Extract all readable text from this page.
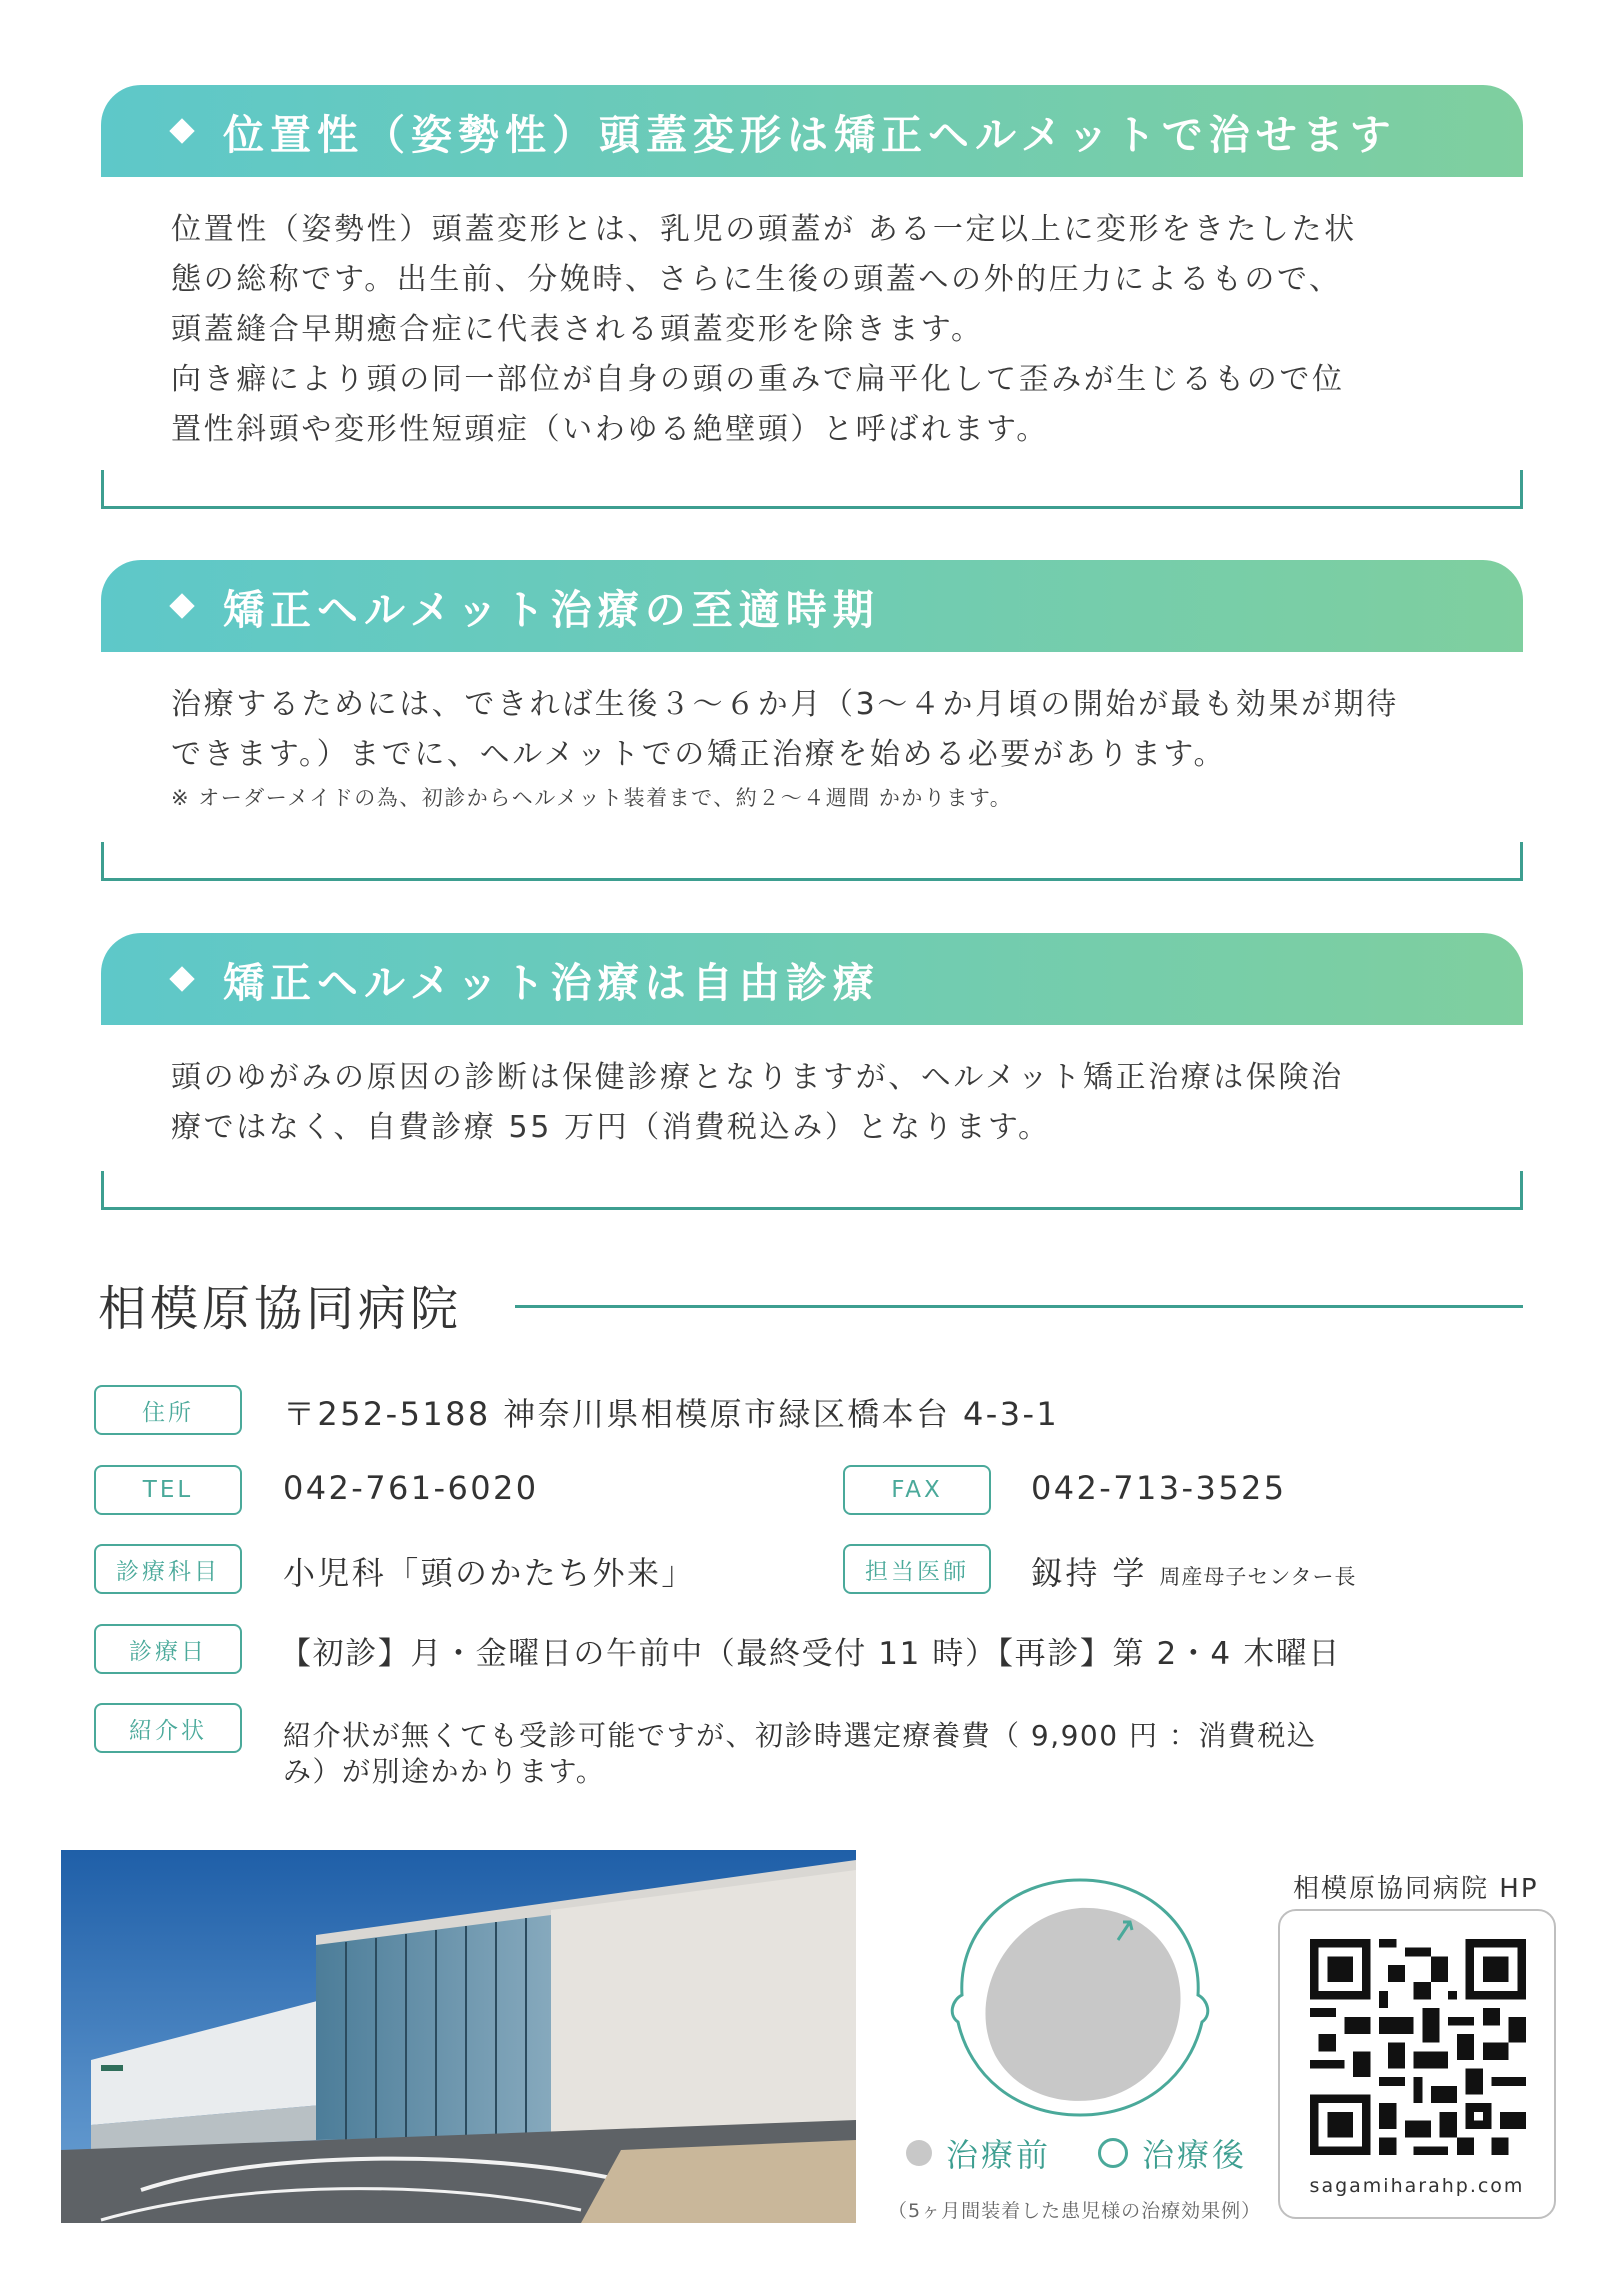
位置性（姿勢性）頭蓋変形は矯正ヘルメットで治せます

位置性（姿勢性）頭蓋変形とは、乳児の頭蓋が ある一定以上に変形をきたした状

態の総称です。出生前、分娩時、さらに生後の頭蓋への外的圧力によるもので、

頭蓋縫合早期癒合症に代表される頭蓋変形を除きます。

向き癖により頭の同一部位が自身の頭の重みで扁平化して歪みが生じるもので位

置性斜頭や変形性短頭症（いわゆる絶壁頭）と呼ばれます。

矯正ヘルメット治療の至適時期

治療するためには、できれば生後３～６か月（3～４か月頃の開始が最も効果が期待

できます。）までに、ヘルメットでの矯正治療を始める必要があります。

※ オーダーメイドの為、初診からヘルメット装着まで、約２～４週間 かかります。

矯正ヘルメット治療は自由診療

頭のゆがみの原因の診断は保健診療となりますが、ヘルメット矯正治療は保険治

療ではなく、自費診療 55 万円（消費税込み）となります。

相模原協同病院
住所	〒252-5188 神奈川県相模原市緑区橋本台 4-3-1
TEL	042-761-6020	FAX	042-713-3525
診療科目	小児科「頭のかたち外来」	担当医師	釼持 学 周産母子センター長
診療日	【初診】月・金曜日の午前中（最終受付 11 時）【再診】第 2・4 木曜日
紹介状	紹介状が無くても受診可能ですが、初診時選定療養費（ 9,900 円 ：消費税込
み）が別途かかります。
治療前	治療後
（5ヶ月間装着した患児様の治療効果例）
相模原協同病院 HP
sagamiharahp.com
